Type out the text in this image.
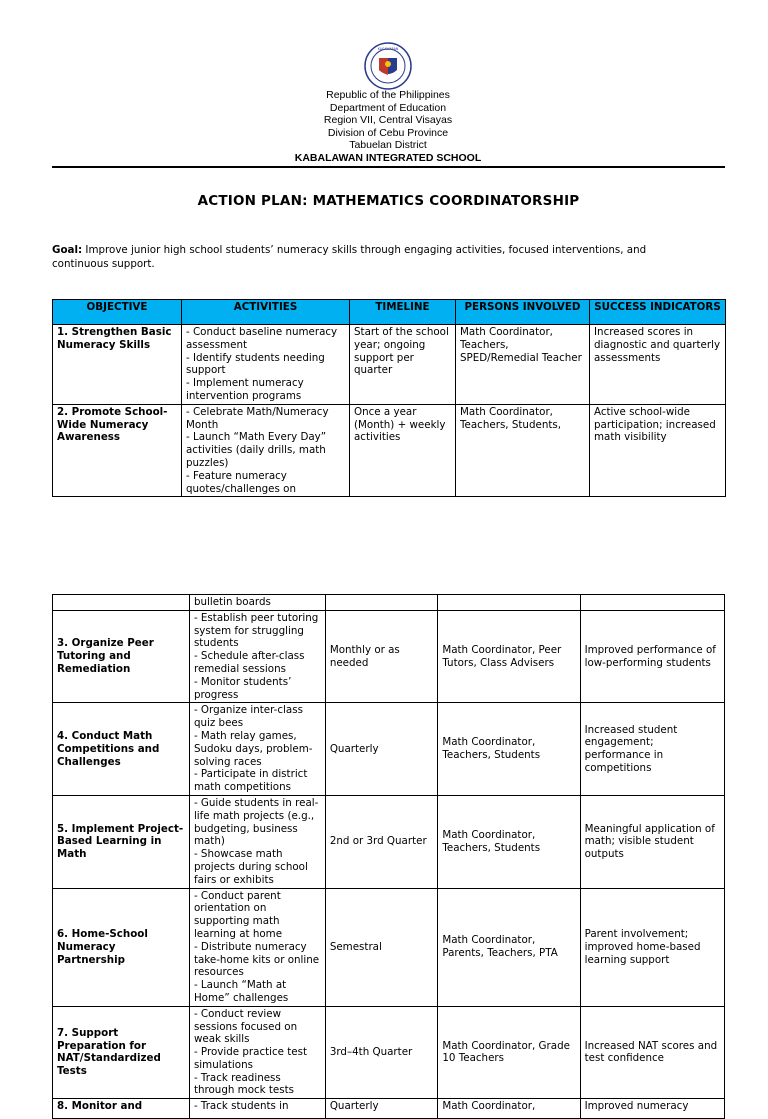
KAGAWARAN
Republic of the Philippines
Department of Education
Region VII, Central Visayas
Division of Cebu Province
Tabuelan District
KABALAWAN INTEGRATED SCHOOL
ACTION PLAN: MATHEMATICS COORDINATORSHIP
Goal: Improve junior high school students’ numeracy skills through engaging activities, focused interventions, and continuous support.
OBJECTIVE	ACTIVITIES	TIMELINE	PERSONS INVOLVED	SUCCESS INDICATORS
1. Strengthen Basic Numeracy Skills	- Conduct baseline numeracy assessment
- Identify students needing support
- Implement numeracy intervention programs	Start of the school year; ongoing support per quarter	Math Coordinator, Teachers, SPED/Remedial Teacher	Increased scores in diagnostic and quarterly assessments
2. Promote School-Wide Numeracy Awareness	- Celebrate Math/Numeracy Month
- Launch “Math Every Day” activities (daily drills, math puzzles)
- Feature numeracy quotes/challenges on	Once a year (Month) + weekly activities	Math Coordinator, Teachers, Students,	Active school-wide participation; increased math visibility
	bulletin boards			
3. Organize Peer Tutoring and Remediation	- Establish peer tutoring system for struggling students
- Schedule after-class remedial sessions
- Monitor students’ progress	Monthly or as needed	Math Coordinator, Peer Tutors, Class Advisers	Improved performance of low-performing students
4. Conduct Math Competitions and Challenges	- Organize inter-class quiz bees
- Math relay games, Sudoku days, problem-solving races
- Participate in district math competitions	Quarterly	Math Coordinator, Teachers, Students	Increased student engagement; performance in competitions
5. Implement Project-Based Learning in Math	- Guide students in real-life math projects (e.g., budgeting, business math)
- Showcase math projects during school fairs or exhibits	2nd or 3rd Quarter	Math Coordinator, Teachers, Students	Meaningful application of math; visible student outputs
6. Home-School Numeracy Partnership	- Conduct parent orientation on supporting math learning at home
- Distribute numeracy take-home kits or online resources
- Launch “Math at Home” challenges	Semestral	Math Coordinator, Parents, Teachers, PTA	Parent involvement; improved home-based learning support
7. Support Preparation for NAT/Standardized Tests	- Conduct review sessions focused on weak skills
- Provide practice test simulations
- Track readiness through mock tests	3rd–4th Quarter	Math Coordinator, Grade 10 Teachers	Increased NAT scores and test confidence
8. Monitor and	- Track students in	Quarterly	Math Coordinator,	Improved numeracy
